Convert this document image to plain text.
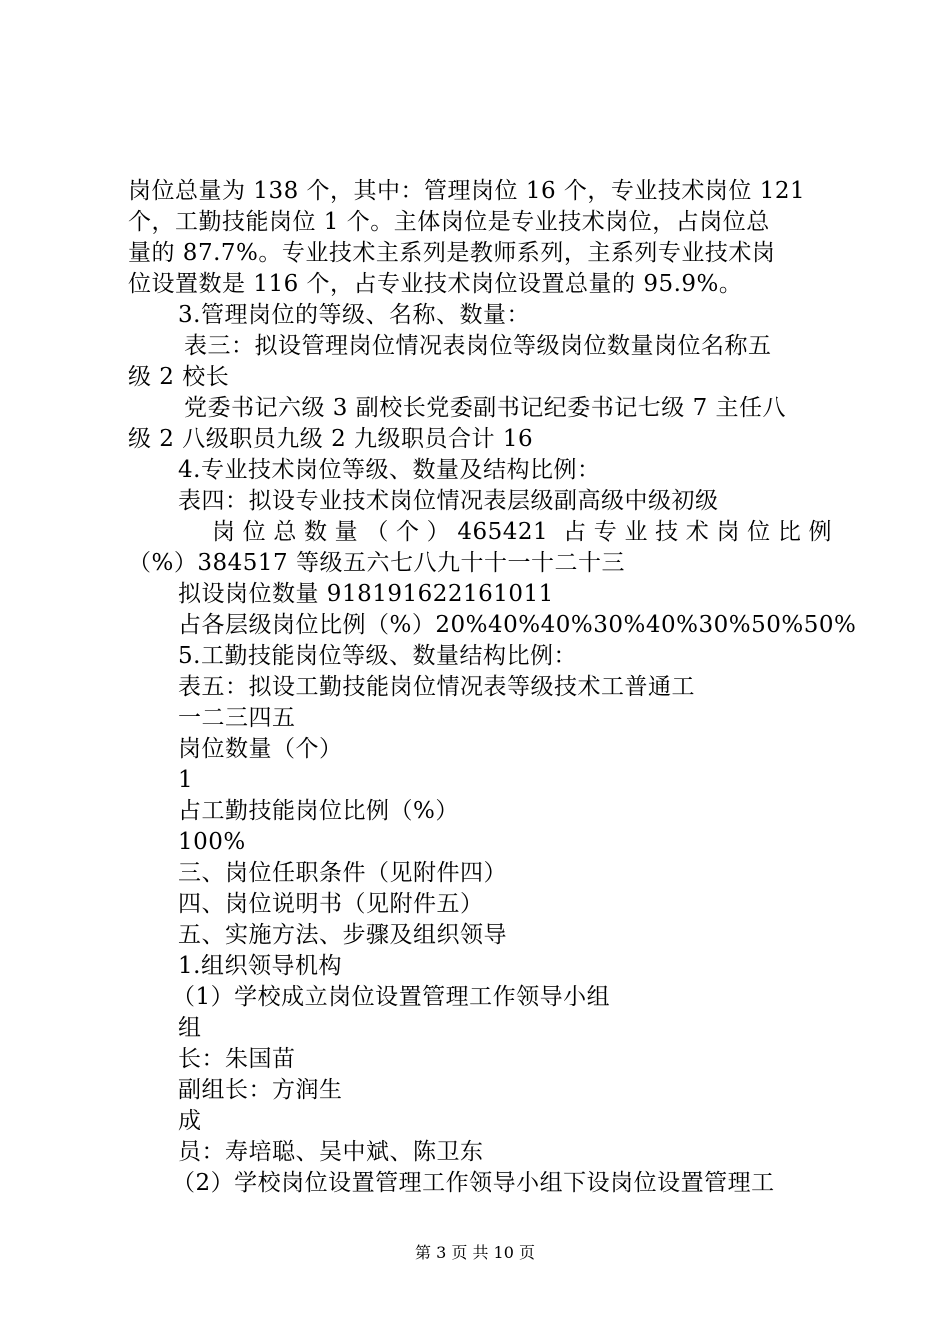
岗位总量为 138 个，其中：管理岗位 16 个，专业技术岗位 121
个，工勤技能岗位 1 个。主体岗位是专业技术岗位，占岗位总
量的 87.7%。专业技术主系列是教师系列，主系列专业技术岗
位设置数是 116 个，占专业技术岗位设置总量的 95.9%。
3.管理岗位的等级、名称、数量：
表三：拟设管理岗位情况表岗位等级岗位数量岗位名称五
级 2 校长
党委书记六级 3 副校长党委副书记纪委书记七级 7 主任八
级 2 八级职员九级 2 九级职员合计 16
4.专业技术岗位等级、数量及结构比例：
表四：拟设专业技术岗位情况表层级副高级中级初级
岗位总数量（个）465421 占专业技术岗位比例
（%）384517 等级五六七八九十十一十二十三
拟设岗位数量 918191622161011
占各层级岗位比例（%）20%40%40%30%40%30%50%50%
5.工勤技能岗位等级、数量结构比例：
表五：拟设工勤技能岗位情况表等级技术工普通工
一二三四五
岗位数量（个）
1
占工勤技能岗位比例（%）
100%
三、岗位任职条件（见附件四）
四、岗位说明书（见附件五）
五、实施方法、步骤及组织领导
1.组织领导机构
（1）学校成立岗位设置管理工作领导小组
组
长：朱国苗
副组长：方润生
成
员：寿培聪、吴中斌、陈卫东
（2）学校岗位设置管理工作领导小组下设岗位设置管理工
第 3 页 共 10 页
